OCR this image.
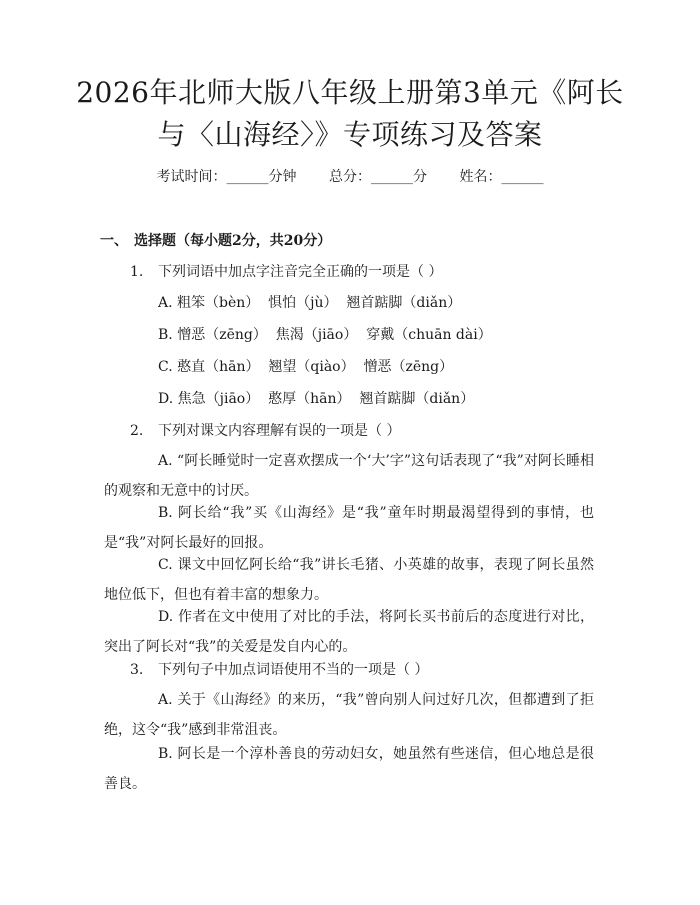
2026年北师大版八年级上册第3单元《阿长
与〈山海经〉》专项练习及答案
考试时间：______分钟 总分：______分 姓名：______
一、 选择题（每小题2分，共20分）
1. 下列词语中加点字注音完全正确的一项是（ ）
A. 粗笨（bèn）  惧怕（jù）  翘首踮脚（diǎn）
B. 憎恶（zēng）  焦渴（jiāo）  穿戴（chuān dài）
C. 憨直（hān）  翘望（qiào）  憎恶（zēng）
D. 焦急（jiāo）  憨厚（hān）  翘首踮脚（diǎn）
2. 下列对课文内容理解有误的一项是（ ）
A. “阿长睡觉时一定喜欢摆成一个‘大’字”这句话表现了“我”对阿长睡相的观察和无意中的讨厌。
B. 阿长给“我”买《山海经》是“我”童年时期最渴望得到的事情，也是“我”对阿长最好的回报。
C. 课文中回忆阿长给“我”讲长毛猪、小英雄的故事，表现了阿长虽然地位低下，但也有着丰富的想象力。
D. 作者在文中使用了对比的手法，将阿长买书前后的态度进行对比，突出了阿长对“我”的关爱是发自内心的。
3. 下列句子中加点词语使用不当的一项是（ ）
A. 关于《山海经》的来历，“我”曾向别人问过好几次，但都遭到了拒绝，这令“我”感到非常沮丧。
B. 阿长是一个淳朴善良的劳动妇女，她虽然有些迷信，但心地总是很善良。
